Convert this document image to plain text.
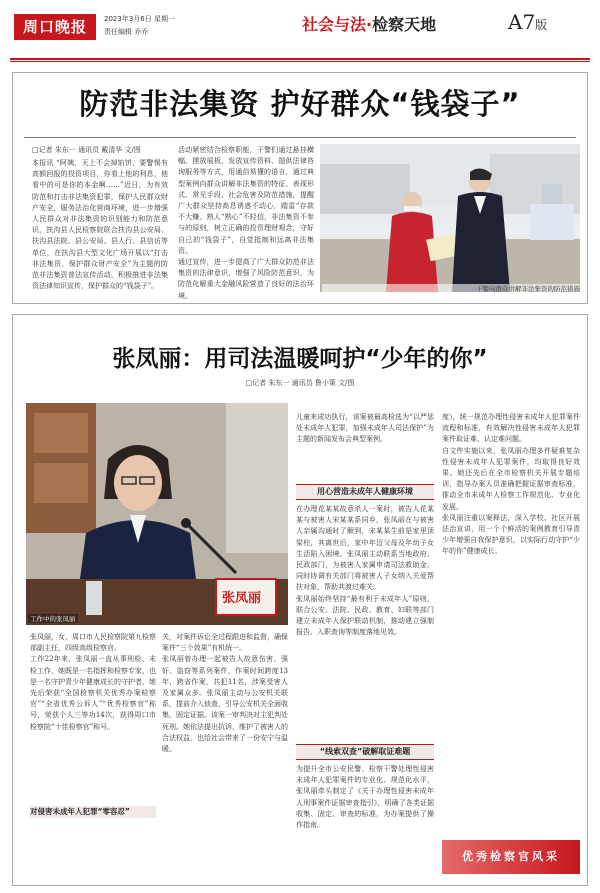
周口晚报	2023年3月6日 星期一
责任编辑 乔乔	社会与法·检察天地	A7版
防范非法集资 护好群众“钱袋子”
□记者 朱东一 通讯员 戴清华 文/图

本报讯 “阿姨，天上不会掉馅饼，要警惕有高额回报的投资项目，你看上他的利息，他看中的可是你的本金啊……”近日，为有效防范和打击非法集资犯罪，保护人民群众财产安全，服务法治化营商环境，进一步增强人民群众对非法集资的识别能力和防范意识，扶沟县人民检察院联合扶沟县公安局、扶沟县法院、县公安局、县人行、县信访等单位，在扶沟县大型文化广场开展以“打击非法集资、保护群众财产安全”为主题的防范非法集资普法宣传活动，积极推进非法集资法律知识宣传，保护群众的“钱袋子”。

活动紧密结合检察职能，干警们通过悬挂横幅、摆放展板、发放宣传资料、提供法律咨询服务等方式，用通俗易懂的语言，通过典型案例向群众讲解非法集资的特征、表现形式、常见手段、社会危害及防范措施，提醒广大群众坚持高息诱惑不动心，踏雷“存款不大赚、熟人“熟心”不轻信，非法集资不参与的原则，树立正确的投资理财观念，守好自己的“钱袋子”，自觉抵制和远离非法集资。
通过宣传，进一步提高了广大群众防范非法集资的法律意识，增强了风险防范意识，为防范化解重大金融风险营造了良好的法治环境。

干警向群众讲解非法集资的防范措施
张凤丽：用司法温暖呵护“少年的你”
□记者 朱东一 通讯员 鲁小策 文/图
张凤丽
工作中的张凤丽

张凤丽，女，周口市人民检察院第九检察部副主任，四级高级检察官。
工作22年来，张凤丽一直从事刑检、未检工作，她既是一名指挥和检察专家，也是一名守护青少年健康成长的守护者，她先后荣获“全国检察机关优秀办案检察官”“全省优秀公诉人”“优秀检察官”称号，荣获个人三等功14次，获得周口市检察院“十佳检察官”称号。

对侵害未成年人犯罪“零容忍”

关，对案件诉讼全过程跟进和监督，确保案件“三个效果”有机统一。
张凤丽曾办理一起被告人故意伤害、强奸、盗窃等系列案件，作案时间跨度13年，跨省作案，共犯11名，涉案受害人及家属众多。张凤丽主动与公安机关联系，提前介入侦查，引导公安机关全面收集、固定证据。该案一审判决对主犯判处死刑。她依法提出抗诉，维护了被害人的合法权益，也给社会带来了一份安宁与温暖。

儿童来成功执行，该案被最高检选为“以严惩处未成年人犯罪，加强未成年人司法保护”为主题的新闻发布会典型案例。

用心营造未成年人健康环境

在办理花某某故意杀人一案时，被告人花某某与被害人宋某某系同乡，张凤丽在与被害人亲属沟通时了解到，宋某某生前是家里顶梁柱，其离世后，家中年迈父母及年幼子女生活陷入困境。张凤丽主动联系当地政府、民政部门，为被害人家属申请司法救助金，同时协调有关部门将被害人子女纳入关爱帮扶对象，帮助其渡过难关。
张凤丽始终坚持“最有利于未成年人”原则，联合公安、法院、民政、教育、妇联等部门建立未成年人保护联动机制，推动建立强制报告、入职查询等制度落地见效。

“线索双查”破解取证难题

为提升全市公安民警、检察干警处理性侵害未成年人犯罪案件的专业化、规范化水平，张凤丽牵头制定了《关于办理性侵害未成年人刑事案件证据审查指引》，明确了各类证据收集、固定、审查的标准，为办案提供了操作指南。

度），统一规范办理性侵害未成年人犯罪案件流程和标准，有效解决性侵害未成年人犯罪案件取证难、认定难问题。
自文件实施以来，张凤丽办理多件疑难复杂性侵害未成年人犯罪案件，均取得良好效果。她还先后在全市检察机关开展专题培训，指导办案人员准确把握证据审查标准，推动全市未成年人检察工作规范化、专业化发展。
张凤丽注重以案释法，深入学校、社区开展法治宣讲，用一个个鲜活的案例教育引导青少年增强自我保护意识，以实际行动守护“少年的你”健康成长。

优秀检察官风采
